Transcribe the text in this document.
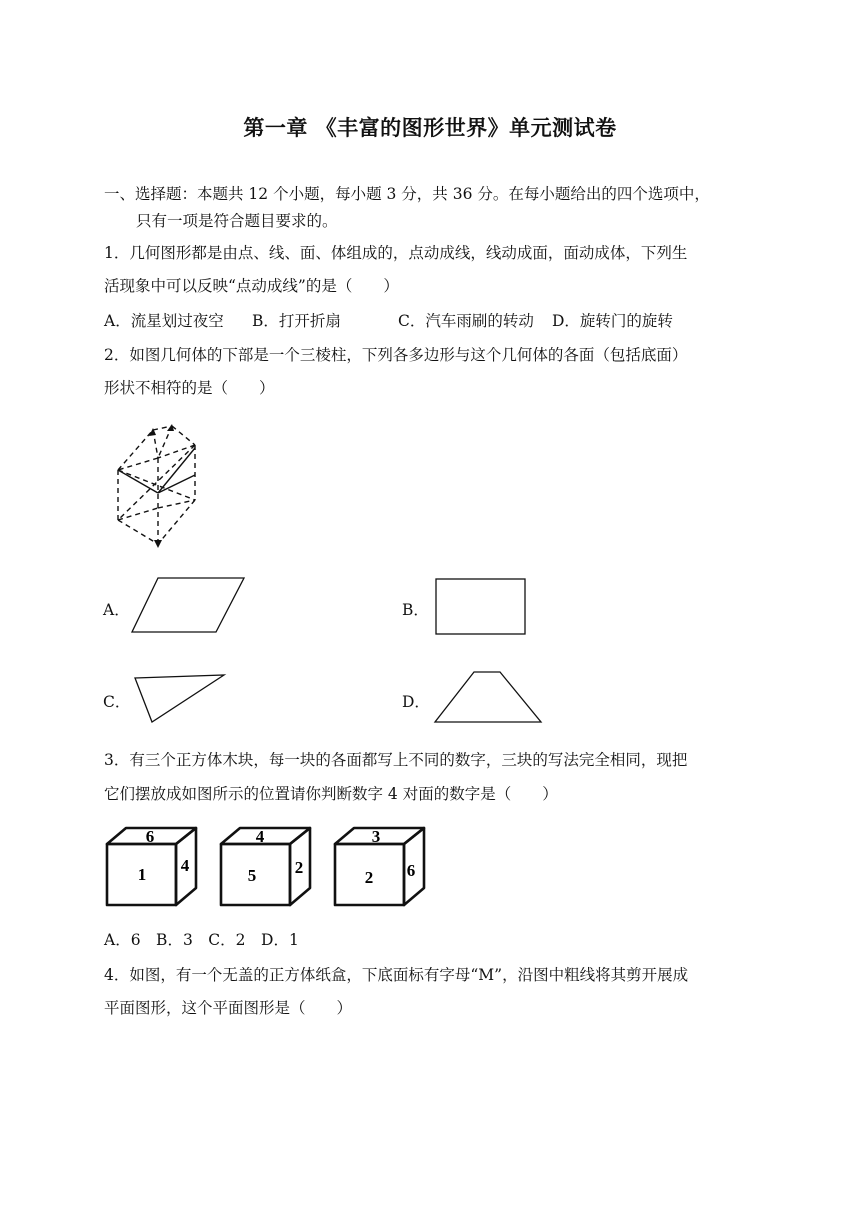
第一章 《丰富的图形世界》单元测试卷
一、选择题：本题共 12 个小题，每小题 3 分，共 36 分。在每小题给出的四个选项中，
只有一项是符合题目要求的。
1．几何图形都是由点、线、面、体组成的，点动成线，线动成面，面动成体，下列生
活现象中可以反映“点动成线”的是（　　）
A．流星划过夜空 B．打开折扇	C．汽车雨刷的转动 D．旋转门的旋转
2．如图几何体的下部是一个三棱柱，下列各多边形与这个几何体的各面（包括底面）
形状不相符的是（　　）
A．	B．
C．	D．
3．有三个正方体木块，每一块的各面都写上不同的数字，三块的写法完全相同，现把
它们摆放成如图所示的位置请你判断数字 4 对面的数字是（　　）
6
1 4
4
5 2
3
2 6
A．6　B．3　C．2　D．1
4．如图，有一个无盖的正方体纸盒，下底面标有字母“M”，沿图中粗线将其剪开展成
平面图形，这个平面图形是（　　）
